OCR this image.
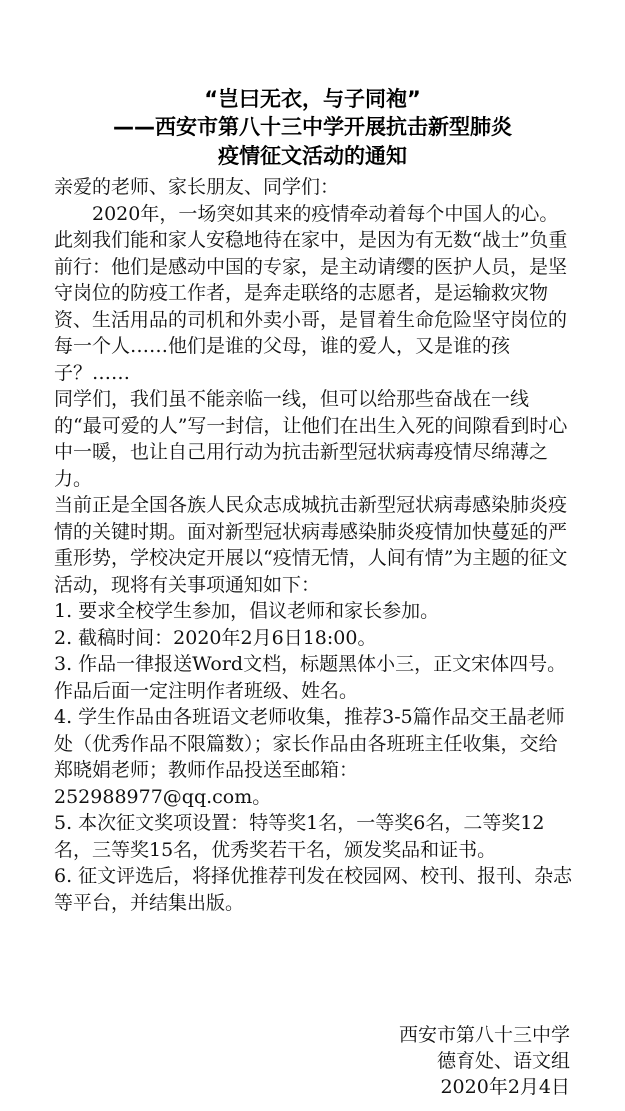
“岂曰无衣，与子同袍”
——西安市第八十三中学开展抗击新型肺炎
疫情征文活动的通知

亲爱的老师、家长朋友、同学们：

2020年，一场突如其来的疫情牵动着每个中国人的心。此刻我们能和家人安稳地待在家中，是因为有无数“战士”负重前行：他们是感动中国的专家，是主动请缨的医护人员，是坚守岗位的防疫工作者，是奔走联络的志愿者，是运输救灾物资、生活用品的司机和外卖小哥，是冒着生命危险坚守岗位的每一个人……他们是谁的父母，谁的爱人，又是谁的孩子？……

同学们，我们虽不能亲临一线，但可以给那些奋战在一线的“最可爱的人”写一封信，让他们在出生入死的间隙看到时心中一暖，也让自己用行动为抗击新型冠状病毒疫情尽绵薄之力。

当前正是全国各族人民众志成城抗击新型冠状病毒感染肺炎疫情的关键时期。面对新型冠状病毒感染肺炎疫情加快蔓延的严重形势，学校决定开展以“疫情无情，人间有情”为主题的征文活动，现将有关事项通知如下：

1. 要求全校学生参加，倡议老师和家长参加。

2. 截稿时间：2020年2月6日18:00。

3. 作品一律报送Word文档，标题黑体小三，正文宋体四号。作品后面一定注明作者班级、姓名。

4. 学生作品由各班语文老师收集，推荐3-5篇作品交王晶老师处（优秀作品不限篇数）；家长作品由各班班主任收集，交给郑晓娟老师；教师作品投送至邮箱：252988977@qq.com。

5. 本次征文奖项设置：特等奖1名，一等奖6名，二等奖12名，三等奖15名，优秀奖若干名，颁发奖品和证书。

6. 征文评选后，将择优推荐刊发在校园网、校刊、报刊、杂志等平台，并结集出版。

西安市第八十三中学
德育处、语文组
2020年2月4日
